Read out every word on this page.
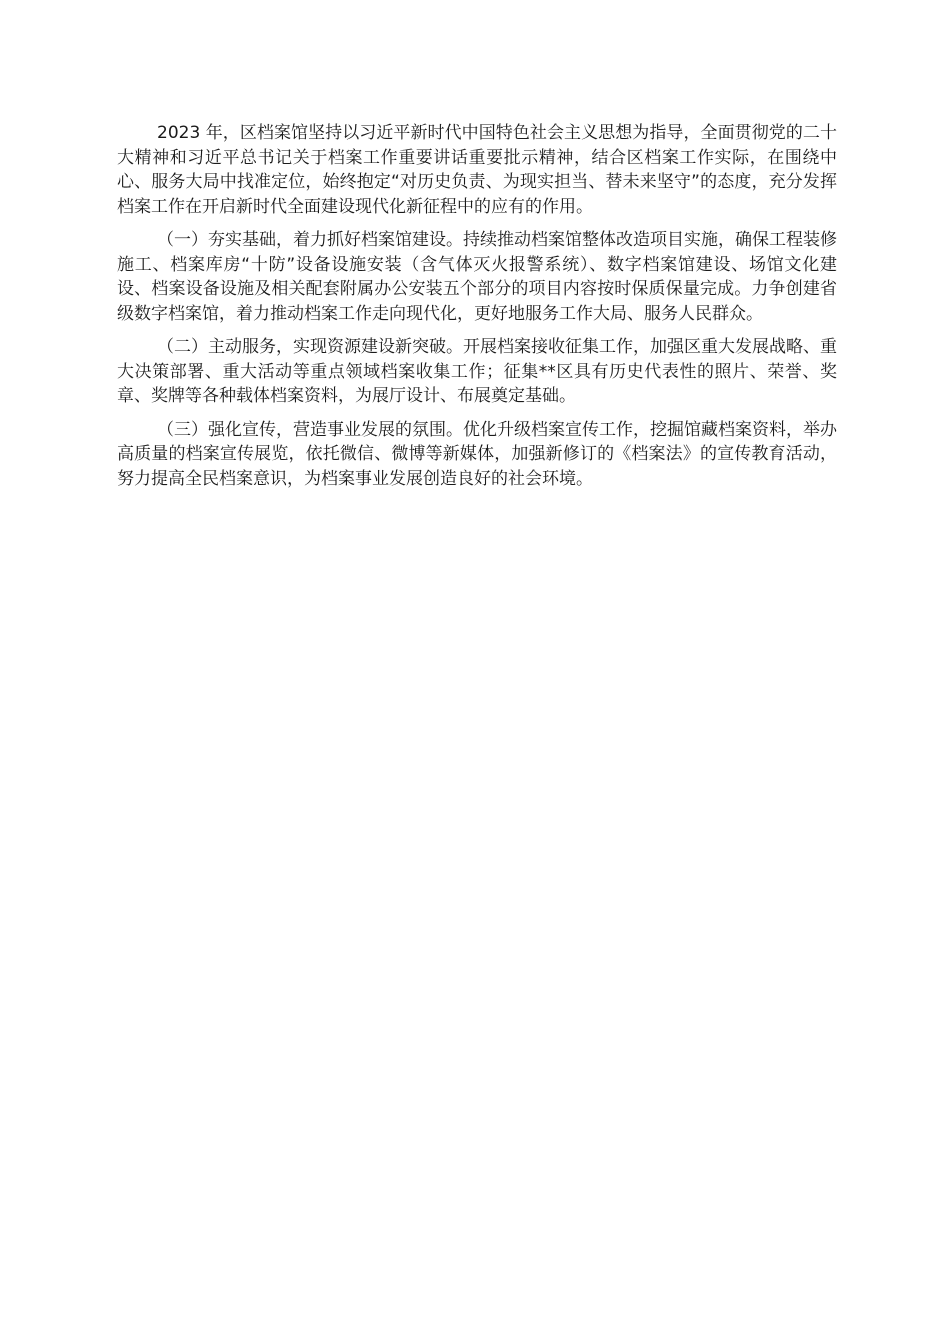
2023 年，区档案馆坚持以习近平新时代中国特色社会主义思想为指导，全面贯彻党的二十大精神和习近平总书记关于档案工作重要讲话重要批示精神，结合区档案工作实际，在围绕中心、服务大局中找准定位，始终抱定“对历史负责、为现实担当、替未来坚守”的态度，充分发挥档案工作在开启新时代全面建设现代化新征程中的应有的作用。

（一）夯实基础，着力抓好档案馆建设。持续推动档案馆整体改造项目实施，确保工程装修施工、档案库房“十防”设备设施安装（含气体灭火报警系统）、数字档案馆建设、场馆文化建设、档案设备设施及相关配套附属办公安装五个部分的项目内容按时保质保量完成。力争创建省级数字档案馆，着力推动档案工作走向现代化，更好地服务工作大局、服务人民群众。

（二）主动服务，实现资源建设新突破。开展档案接收征集工作，加强区重大发展战略、重大决策部署、重大活动等重点领域档案收集工作；征集**区具有历史代表性的照片、荣誉、奖章、奖牌等各种载体档案资料，为展厅设计、布展奠定基础。

（三）强化宣传，营造事业发展的氛围。优化升级档案宣传工作，挖掘馆藏档案资料，举办高质量的档案宣传展览，依托微信、微博等新媒体，加强新修订的《档案法》的宣传教育活动，努力提高全民档案意识，为档案事业发展创造良好的社会环境。
